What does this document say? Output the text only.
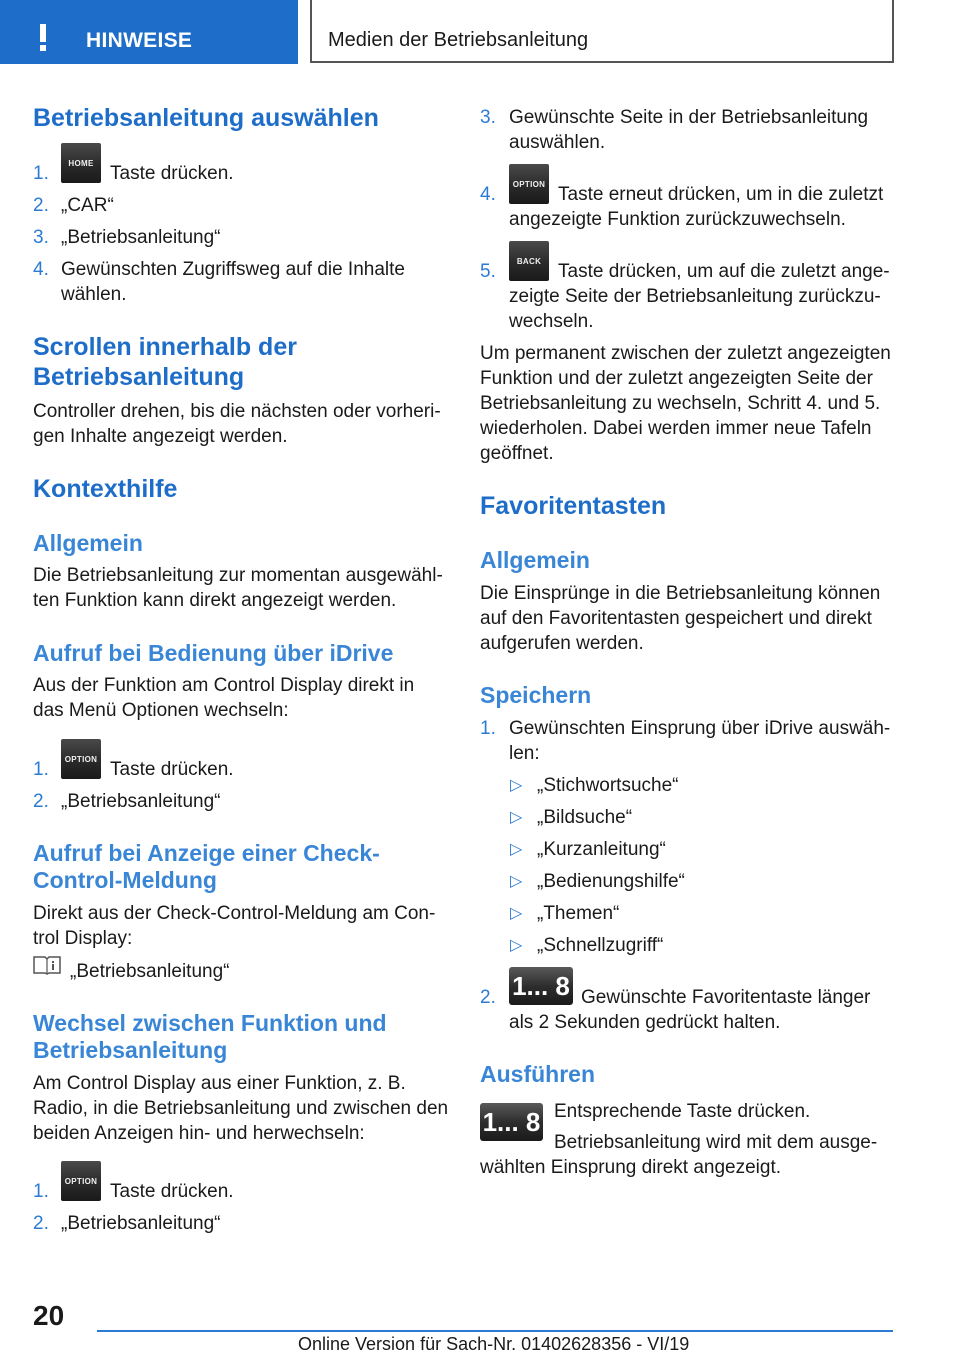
HINWEISE	Medien der Betriebsanleitung
Betriebsanleitung auswählen
1.	HOME Taste drücken.
2. „CAR“
3. „Betriebsanleitung“
4. Gewünschten Zugriffsweg auf die Inhalte
wählen.
Scrollen innerhalb der
Betriebsanleitung

Controller drehen, bis die nächsten oder vorheri-

gen Inhalte angezeigt werden.

Kontexthilfe
Allgemein

Die Betriebsanleitung zur momentan ausgewähl-

ten Funktion kann direkt angezeigt werden.

Aufruf bei Bedienung über iDrive

Aus der Funktion am Control Display direkt in

das Menü Optionen wechseln:

1.	OPTION Taste drücken.
2. „Betriebsanleitung“
Aufruf bei Anzeige einer Check-
Control-Meldung

Direkt aus der Check-Control-Meldung am Con-

trol Display:

„Betriebsanleitung“
Wechsel zwischen Funktion und
Betriebsanleitung

Am Control Display aus einer Funktion, z. B.

Radio, in die Betriebsanleitung und zwischen den

beiden Anzeigen hin- und herwechseln:

1.	OPTION Taste drücken.
2. „Betriebsanleitung“
3. Gewünschte Seite in der Betriebsanleitung
auswählen.
4.	OPTION Taste erneut drücken, um in die zuletzt
angezeigte Funktion zurückzuwechseln.
5.	BACK Taste drücken, um auf die zuletzt ange-
zeigte Seite der Betriebsanleitung zurückzu-
wechseln.

Um permanent zwischen der zuletzt angezeigten

Funktion und der zuletzt angezeigten Seite der

Betriebsanleitung zu wechseln, Schritt 4. und 5.

wiederholen. Dabei werden immer neue Tafeln

geöffnet.

Favoritentasten
Allgemein

Die Einsprünge in die Betriebsanleitung können

auf den Favoritentasten gespeichert und direkt

aufgerufen werden.

Speichern
1. Gewünschten Einsprung über iDrive auswäh-
len:
▷ „Stichwortsuche“
▷ „Bildsuche“
▷ „Kurzanleitung“
▷ „Bedienungshilfe“
▷ „Themen“
▷ „Schnellzugriff“
2. 1... 8 Gewünschte Favoritentaste länger
als 2 Sekunden gedrückt halten.
Ausführen
1... 8 Entsprechende Taste drücken.
Betriebsanleitung wird mit dem ausge-
wählten Einsprung direkt angezeigt.
20
Online Version für Sach-Nr. 01402628356 - VI/19
